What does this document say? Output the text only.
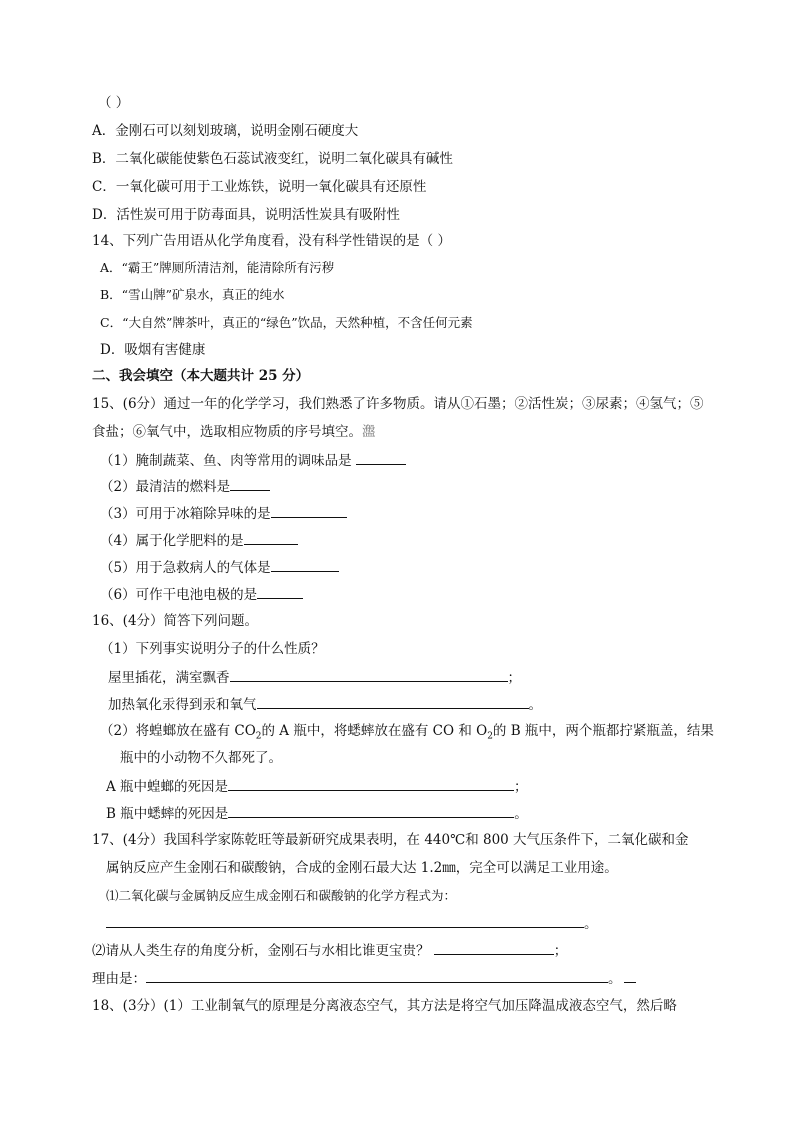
（ ）
A．金刚石可以刻划玻璃，说明金刚石硬度大
B．二氧化碳能使紫色石蕊试液变红，说明二氧化碳具有碱性
C．一氧化碳可用于工业炼铁，说明一氧化碳具有还原性
D．活性炭可用于防毒面具，说明活性炭具有吸附性
14、下列广告用语从化学角度看，没有科学性错误的是（ ）
A．“霸王”牌厕所清洁剂，能清除所有污秽
B．“雪山牌”矿泉水，真正的纯水
C．“大自然”牌茶叶，真正的“绿色”饮品，天然种植，不含任何元素
D．吸烟有害健康
二、我会填空（本大题共计 25 分）
15、(6分）通过一年的化学学习，我们熟悉了许多物质。请从①石墨；②活性炭；③尿素；④氢气；⑤
食盐；⑥氧气中，选取相应物质的序号填空。瀊
（1）腌制蔬菜、鱼、肉等常用的调味品是
（2）最清洁的燃料是
（3）可用于冰箱除异味的是
（4）属于化学肥料的是
（5）用于急救病人的气体是
（6）可作干电池电极的是
16、(4分）简答下列问题。
（1）下列事实说明分子的什么性质？
屋里插花，满室飘香	；
加热氧化汞得到汞和氧气	。
（2）将蝗螂放在盛有 $CO_2$的 A 瓶中，将蟋蟀放在盛有 CO 和 $O_2$的 B 瓶中，两个瓶都拧紧瓶盖，结果
瓶中的小动物不久都死了。
A 瓶中蝗螂的死因是	；
B 瓶中蟋蟀的死因是	。
17、(4分）我国科学家陈乾旺等最新研究成果表明，在 440℃和 800 大气压条件下，二氧化碳和金
属钠反应产生金刚石和碳酸钠，合成的金刚石最大达 1.2㎜，完全可以满足工业用途。
⑴二氧化碳与金属钠反应生成金刚石和碳酸钠的化学方程式为：
。
⑵请从人类生存的角度分析，金刚石与水相比谁更宝贵？	；
理由是：	。
18、(3分）(1）工业制氧气的原理是分离液态空气，其方法是将空气加压降温成液态空气，然后略
